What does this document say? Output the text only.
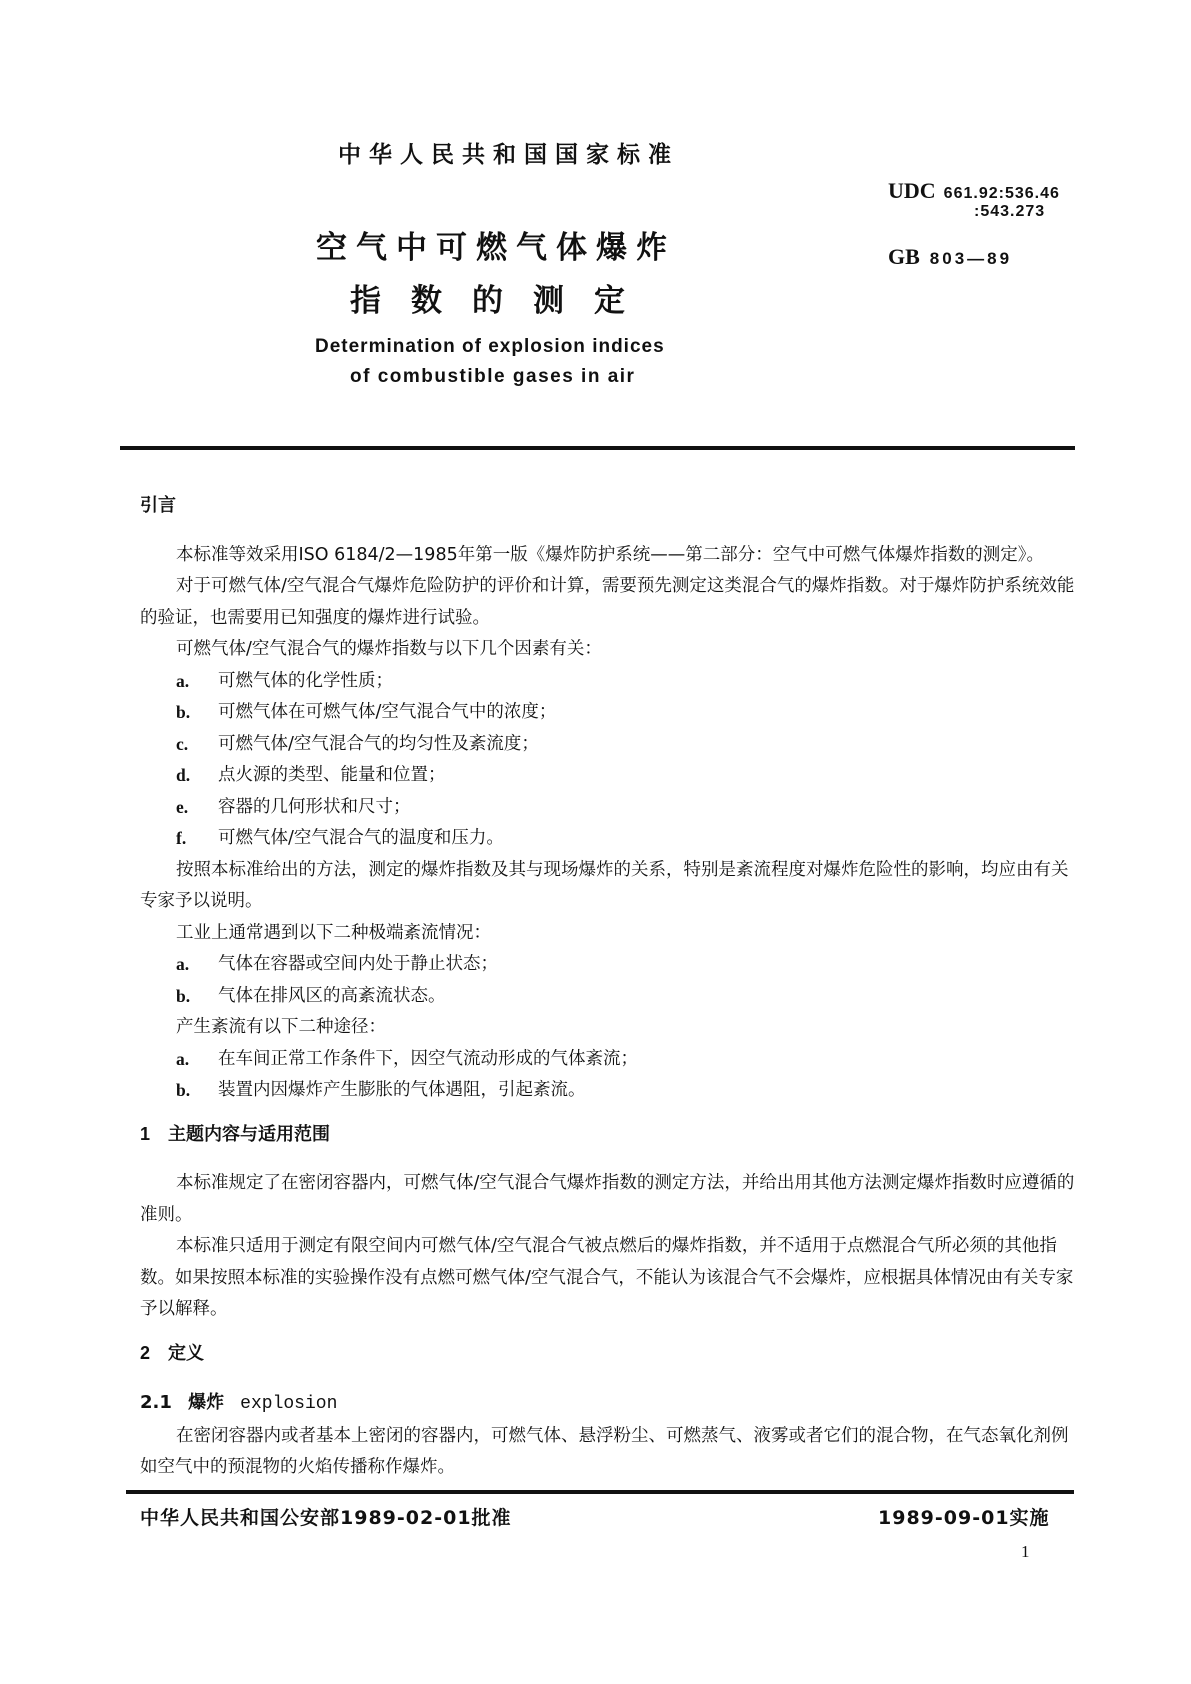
中华人民共和国国家标准
UDC 661.92:536.46
:543.273
GB 803—89
空气中可燃气体爆炸
指数的测定
Determination of explosion indices
of combustible gases in air
引言

本标准等效采用ISO 6184/2—1985年第一版《爆炸防护系统——第二部分：空气中可燃气体爆炸指数的测定》。

对于可燃气体/空气混合气爆炸危险防护的评价和计算，需要预先测定这类混合气的爆炸指数。对于爆炸防护系统效能的验证，也需要用已知强度的爆炸进行试验。

可燃气体/空气混合气的爆炸指数与以下几个因素有关：

a.	可燃气体的化学性质；
b.	可燃气体在可燃气体/空气混合气中的浓度；
c.	可燃气体/空气混合气的均匀性及紊流度；
d.	点火源的类型、能量和位置；
e.	容器的几何形状和尺寸；
f.	可燃气体/空气混合气的温度和压力。

按照本标准给出的方法，测定的爆炸指数及其与现场爆炸的关系，特别是紊流程度对爆炸危险性的影响，均应由有关专家予以说明。

工业上通常遇到以下二种极端紊流情况：

a.	气体在容器或空间内处于静止状态；
b.	气体在排风区的高紊流状态。

产生紊流有以下二种途径：

a.	在车间正常工作条件下，因空气流动形成的气体紊流；
b.	装置内因爆炸产生膨胀的气体遇阻，引起紊流。
1 主题内容与适用范围

本标准规定了在密闭容器内，可燃气体/空气混合气爆炸指数的测定方法，并给出用其他方法测定爆炸指数时应遵循的准则。

本标准只适用于测定有限空间内可燃气体/空气混合气被点燃后的爆炸指数，并不适用于点燃混合气所必须的其他指数。如果按照本标准的实验操作没有点燃可燃气体/空气混合气，不能认为该混合气不会爆炸，应根据具体情况由有关专家予以解释。

2 定义
2.1 爆炸 explosion

在密闭容器内或者基本上密闭的容器内，可燃气体、悬浮粉尘、可燃蒸气、液雾或者它们的混合物，在气态氧化剂例如空气中的预混物的火焰传播称作爆炸。

中华人民共和国公安部1989-02-01批准	1989-09-01实施
1
